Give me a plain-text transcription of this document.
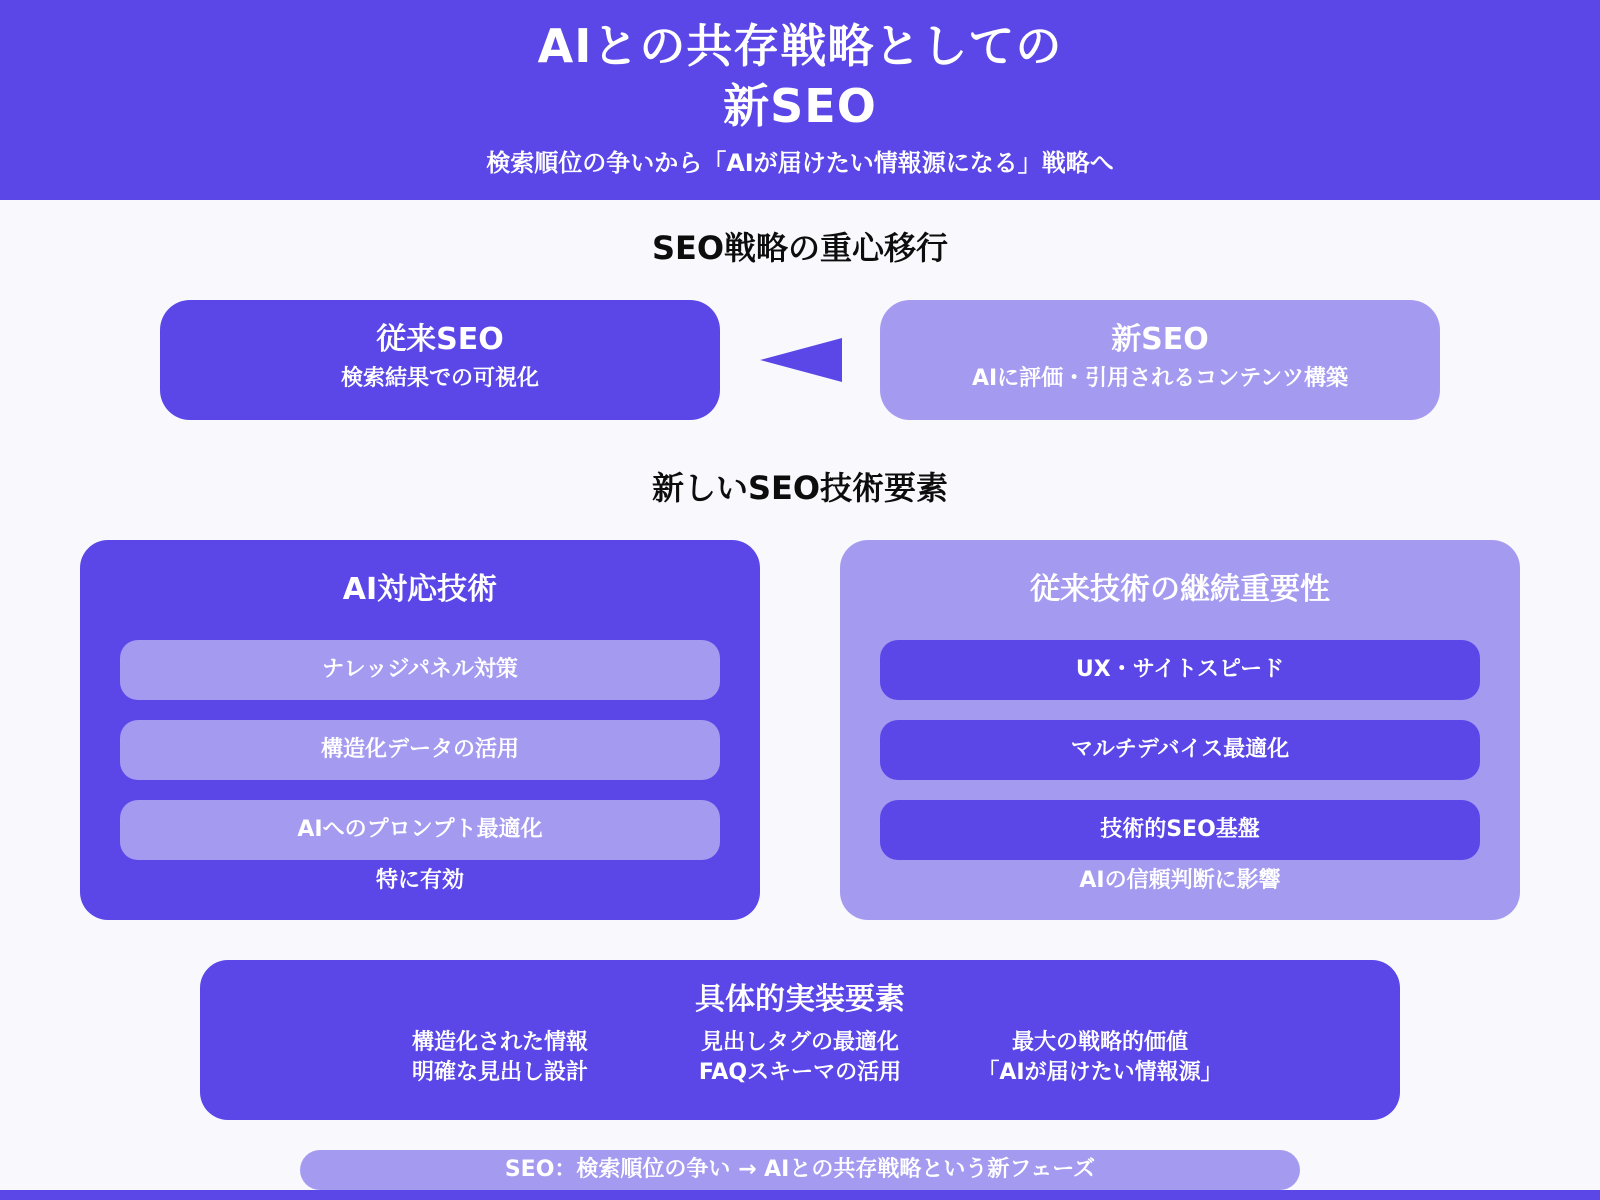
AIとの共存戦略としての
新SEO
検索順位の争いから「AIが届けたい情報源になる」戦略へ
SEO戦略の重心移行
従来SEO
検索結果での可視化
新SEO
AIに評価・引用されるコンテンツ構築
新しいSEO技術要素
AI対応技術
ナレッジパネル対策
構造化データの活用
AIへのプロンプト最適化
特に有効
従来技術の継続重要性
UX・サイトスピード
マルチデバイス最適化
技術的SEO基盤
AIの信頼判断に影響
具体的実装要素
構造化された情報
明確な見出し設計
見出しタグの最適化
FAQスキーマの活用
最大の戦略的価値
「AIが届けたい情報源」
SEO：検索順位の争い → AIとの共存戦略という新フェーズ
